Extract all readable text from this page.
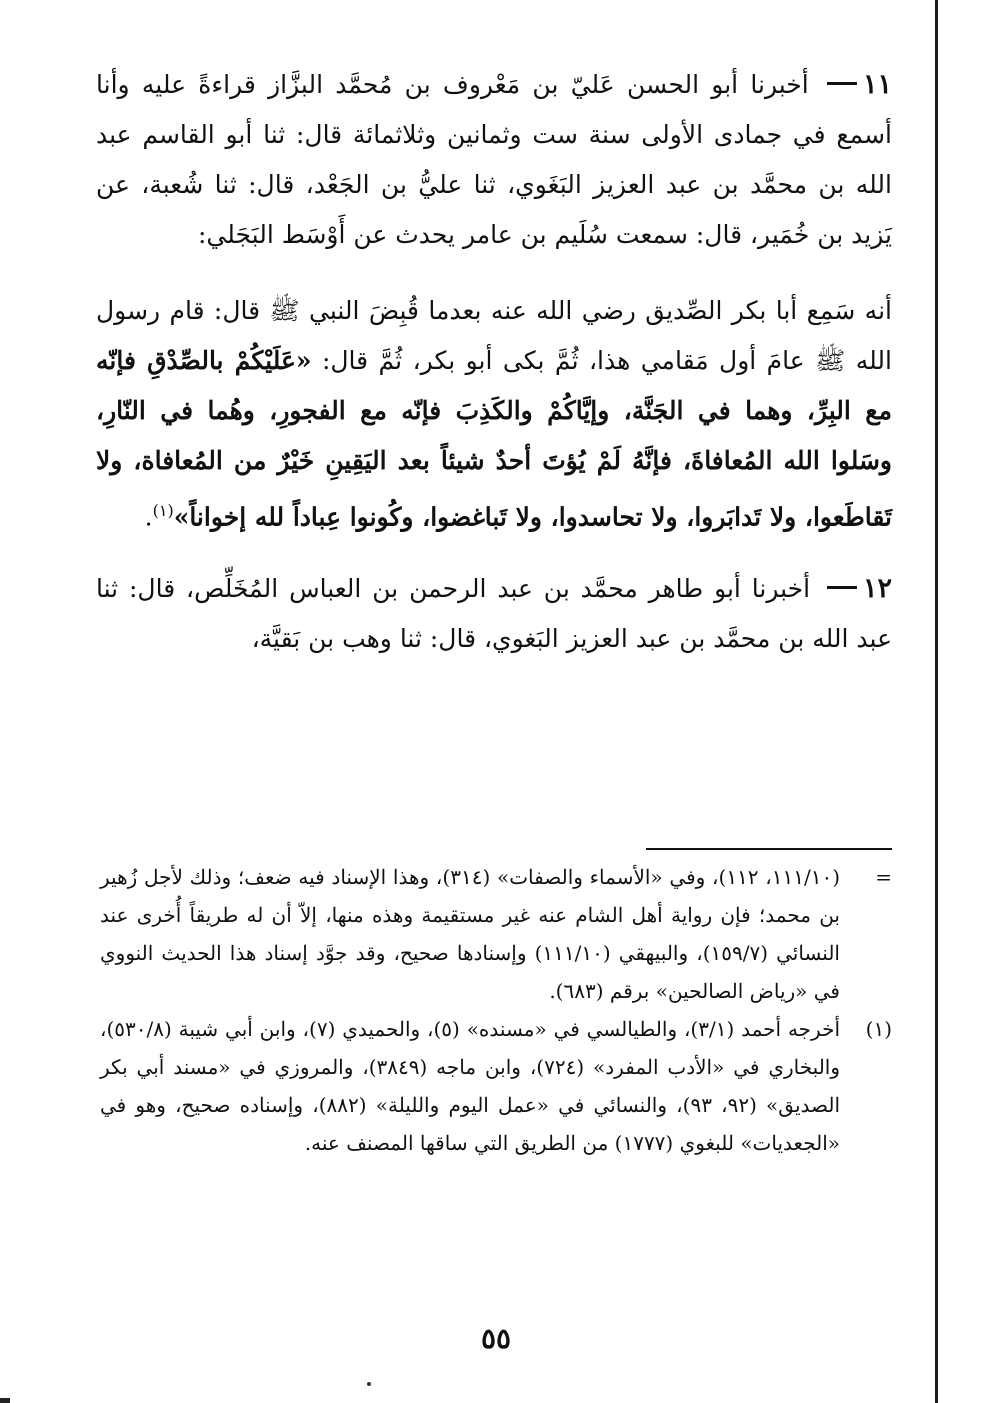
١١ أخبرنا أبو الحسن عَليّ بن مَعْروف بن مُحمَّد البزَّاز قراءةً عليه وأنا أسمع في جمادى الأولى سنة ست وثمانين وثلاثمائة قال: ثنا أبو القاسم عبد الله بن محمَّد بن عبد العزيز البَغَوي، ثنا عليُّ بن الجَعْد، قال: ثنا شُعبة، عن يَزيد بن خُمَير، قال: سمعت سُلَيم بن عامر يحدث عن أَوْسَط البَجَلي:

أنه سَمِع أبا بكر الصِّديق رضي الله عنه بعدما قُبِضَ النبي ﷺ قال: قام رسول الله ﷺ عامَ أول مَقامي هذا، ثُمَّ بكى أبو بكر، ثُمَّ قال: «عَلَيْكُمْ بالصِّدْقِ فإنّه مع البِرِّ، وهما في الجَنَّة، وإيَّاكُمْ والكَذِبَ فإنّه مع الفجورِ، وهُما في النّارِ، وسَلوا الله المُعافاةَ، فإنَّهُ لَمْ يُؤتَ أحدٌ شيئاً بعد اليَقِينِ خَيْرٌ من المُعافاة، ولا تَقاطَعوا، ولا تَدابَروا، ولا تحاسدوا، ولا تَباغضوا، وكُونوا عِباداً لله إخواناً»$^{(١)}$.

١٢ أخبرنا أبو طاهر محمَّد بن عبد الرحمن بن العباس المُخَلِّص، قال: ثنا عبد الله بن محمَّد بن عبد العزيز البَغوي، قال: ثنا وهب بن بَقيَّة،

=
(١١١/١٠، ١١٢)، وفي «الأسماء والصفات» (٣١٤)، وهذا الإسناد فيه ضعف؛ وذلك لأجل زُهير بن محمد؛ فإن رواية أهل الشام عنه غير مستقيمة وهذه منها، إلاّ أن له طريقاً أُخرى عند النسائي (١٥٩/٧)، والبيهقي (١١١/١٠) وإسنادها صحيح، وقد جوَّد إسناد هذا الحديث النووي في «رياض الصالحين» برقم (٦٨٣).

(١)
أخرجه أحمد (٣/١)، والطيالسي في «مسنده» (٥)، والحميدي (٧)، وابن أبي شيبة (٥٣٠/٨)، والبخاري في «الأدب المفرد» (٧٢٤)، وابن ماجه (٣٨٤٩)، والمروزي في «مسند أبي بكر الصديق» (٩٢، ٩٣)، والنسائي في «عمل اليوم والليلة» (٨٨٢)، وإسناده صحيح، وهو في «الجعديات» للبغوي (١٧٧٧) من الطريق التي ساقها المصنف عنه.

٥٥
